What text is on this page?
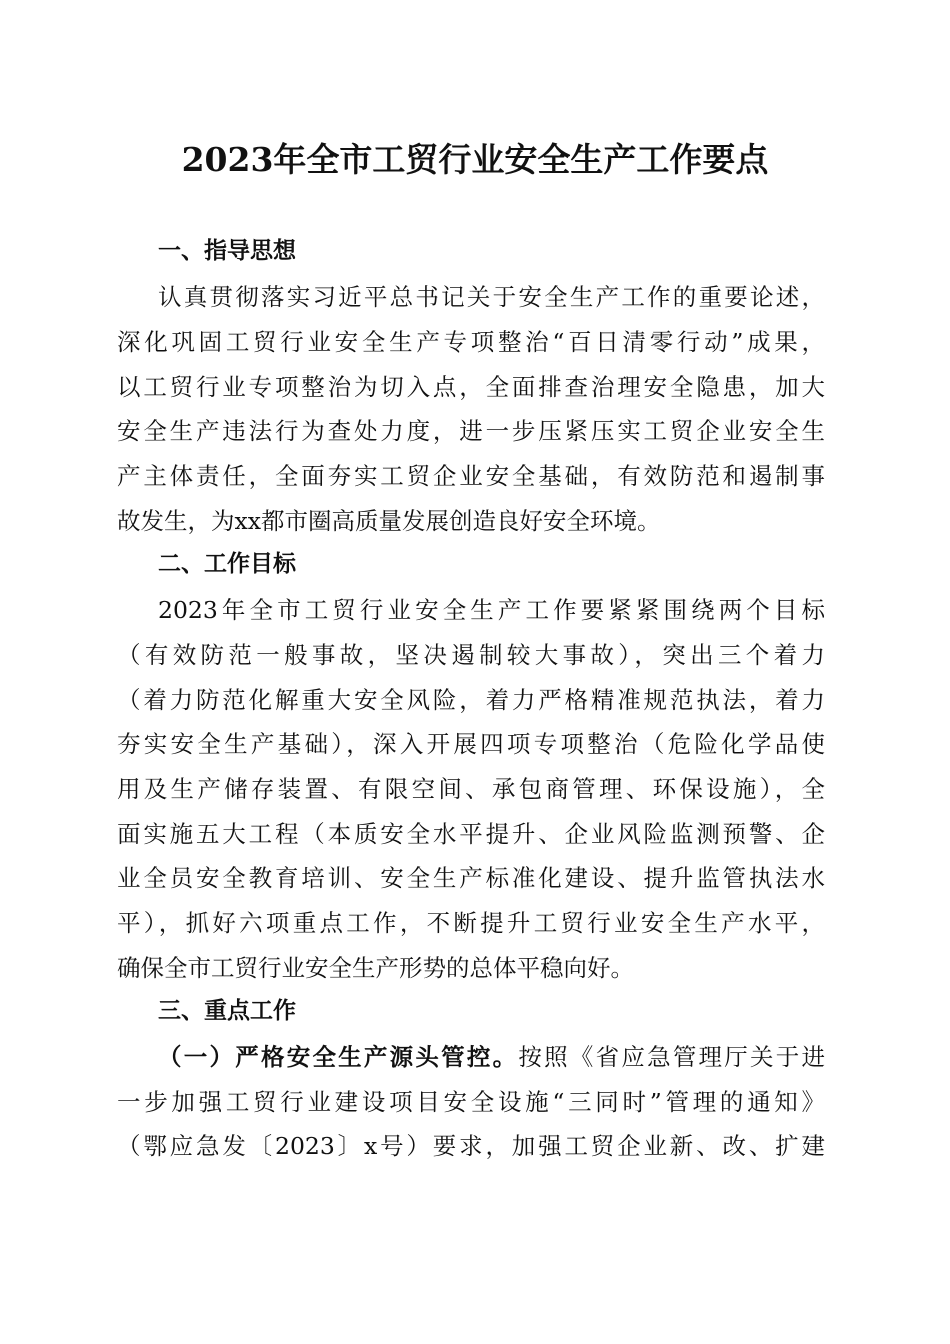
2023年全市工贸行业安全生产工作要点
一、指导思想

认真贯彻落实习近平总书记关于安全生产工作的重要论述，

深化巩固工贸行业安全生产专项整治“百日清零行动”成果，

以工贸行业专项整治为切入点，全面排查治理安全隐患，加大

安全生产违法行为查处力度，进一步压紧压实工贸企业安全生

产主体责任，全面夯实工贸企业安全基础，有效防范和遏制事

故发生，为xx都市圈高质量发展创造良好安全环境。

二、工作目标

2023年全市工贸行业安全生产工作要紧紧围绕两个目标

（有效防范一般事故，坚决遏制较大事故），突出三个着力

（着力防范化解重大安全风险，着力严格精准规范执法，着力

夯实安全生产基础），深入开展四项专项整治（危险化学品使

用及生产储存装置、有限空间、承包商管理、环保设施），全

面实施五大工程（本质安全水平提升、企业风险监测预警、企

业全员安全教育培训、安全生产标准化建设、提升监管执法水

平），抓好六项重点工作，不断提升工贸行业安全生产水平，

确保全市工贸行业安全生产形势的总体平稳向好。

三、重点工作

（一）严格安全生产源头管控。按照《省应急管理厅关于进

一步加强工贸行业建设项目安全设施“三同时”管理的通知》

（鄂应急发〔2023〕x号）要求，加强工贸企业新、改、扩建
